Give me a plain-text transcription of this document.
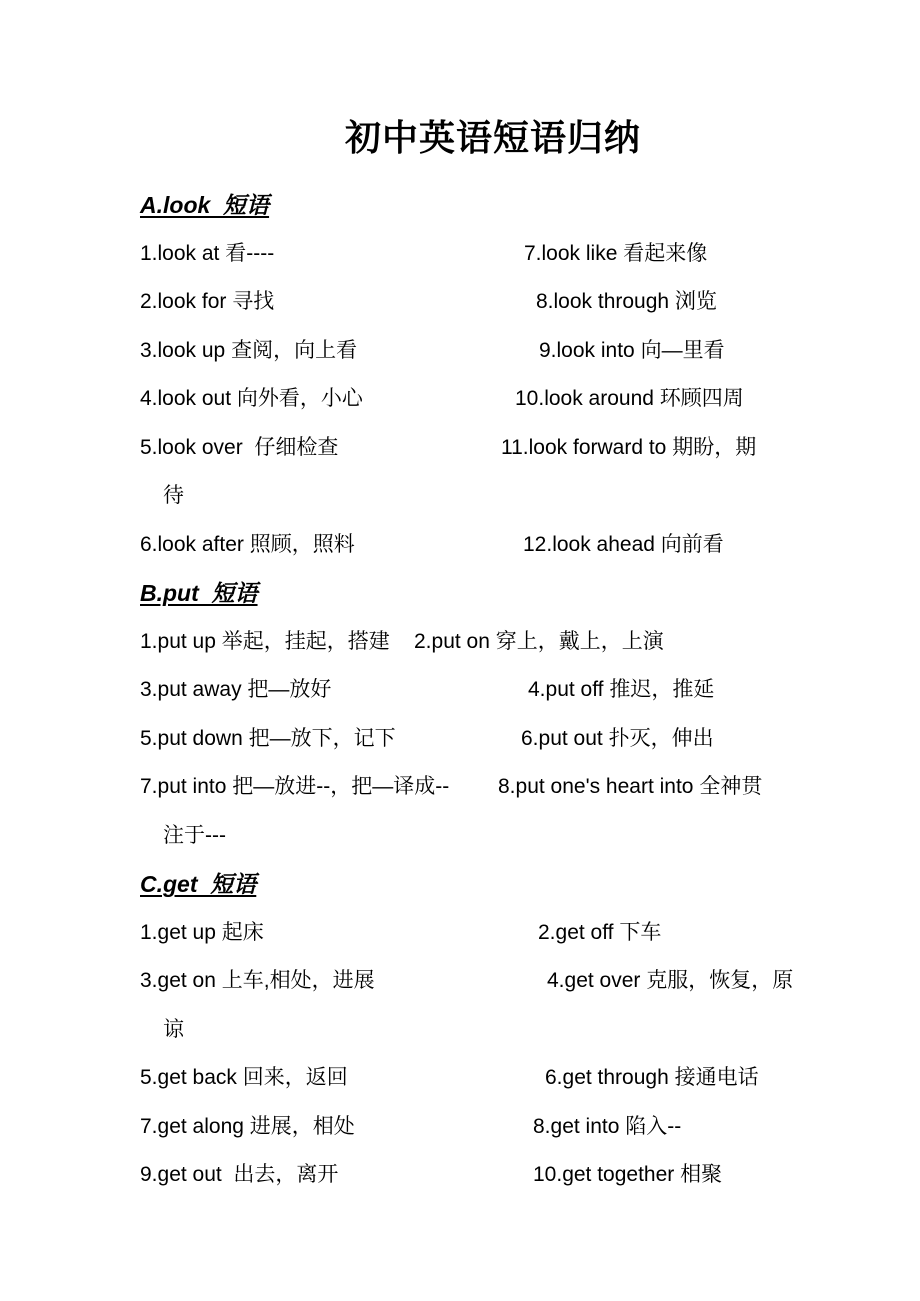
初中英语短语归纳
A.look  短语
1.look at 看----	7.look like 看起来像
2.look for 寻找	8.look through 浏览
3.look up 查阅，向上看	9.look into 向—里看
4.look out 向外看，小心	10.look around 环顾四周
5.look over  仔细检查	11.look forward to 期盼，期
待
6.look after 照顾，照料	12.look ahead 向前看
B.put  短语
1.put up 举起，挂起，搭建 2.put on 穿上，戴上，上演
3.put away 把—放好	4.put off 推迟，推延
5.put down 把—放下，记下	6.put out 扑灭，伸出
7.put into 把—放进--，把—译成-- 8.put one's heart into 全神贯
注于---
C.get  短语
1.get up 起床	2.get off 下车
3.get on 上车,相处，进展	4.get over 克服，恢复，原
谅
5.get back 回来，返回	6.get through 接通电话
7.get along 进展，相处	8.get into 陷入--
9.get out  出去，离开	10.get together 相聚
